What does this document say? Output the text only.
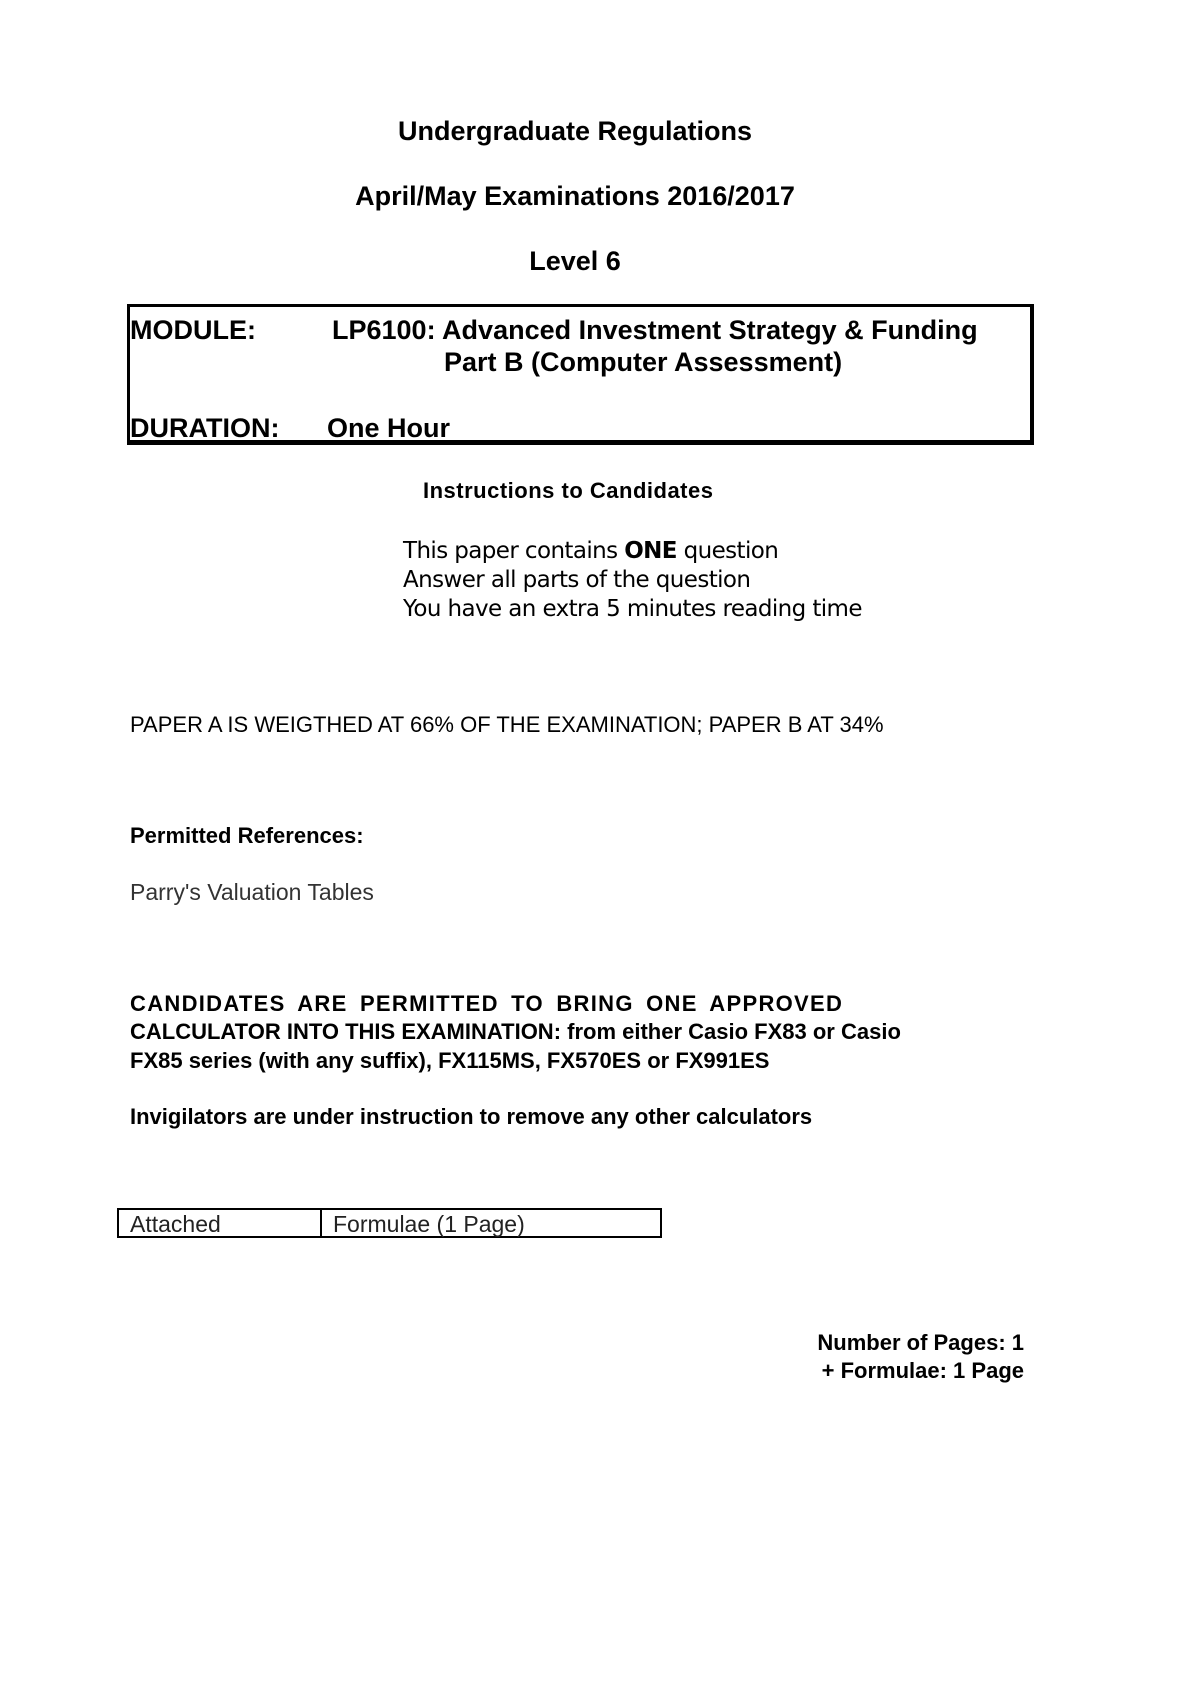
Undergraduate Regulations
April/May Examinations 2016/2017
Level 6
MODULE:	LP6100: Advanced Investment Strategy & Funding
Part B (Computer Assessment)
DURATION: One Hour
Instructions to Candidates
This paper contains ONE question
Answer all parts of the question
You have an extra 5 minutes reading time
PAPER A IS WEIGTHED AT 66% OF THE EXAMINATION; PAPER B AT 34%
Permitted References:
Parry's Valuation Tables
CANDIDATES ARE PERMITTED TO BRING ONE APPROVED
CALCULATOR INTO THIS EXAMINATION: from either Casio FX83 or Casio
FX85 series (with any suffix), FX115MS, FX570ES or FX991ES
Invigilators are under instruction to remove any other calculators
Attached	Formulae (1 Page)
Number of Pages: 1
+ Formulae: 1 Page
